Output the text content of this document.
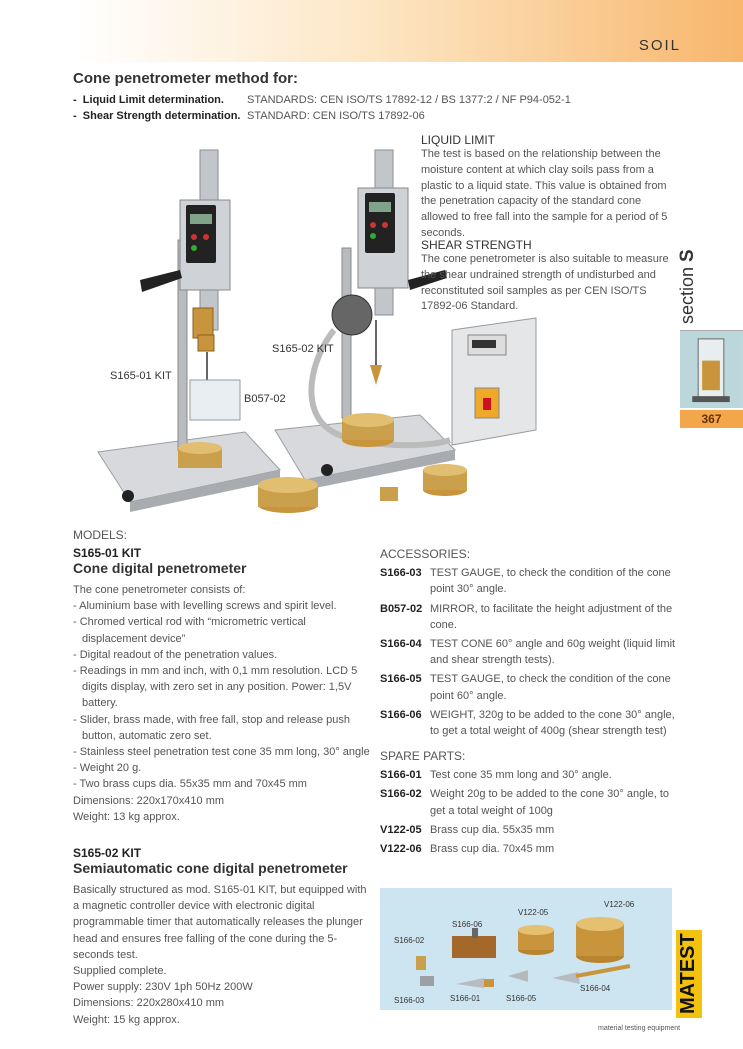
SOIL
Cone penetrometer method for:
- Liquid Limit determination. STANDARDS: CEN ISO/TS 17892-12 / BS 1377:2 / NF P94-052-1
- Shear Strength determination. STANDARD: CEN ISO/TS 17892-06
S165-01 KIT
S165-02 KIT
B057-02
LIQUID LIMIT
The test is based on the relationship between the moisture content at which clay soils pass from a plastic to a liquid state. This value is obtained from the penetration capacity of the standard cone allowed to free fall into the sample for a period of 5 seconds.
SHEAR STRENGTH
The cone penetrometer is also suitable to measure the shear undrained strength of undisturbed and reconstituted soil samples as per CEN ISO/TS 17892-06 Standard.	section S
367
MODELS:
S165-01 KIT
Cone digital penetrometer
The cone penetrometer consists of:
- Aluminium base with levelling screws and spirit level.
- Chromed vertical rod with “micrometric vertical displacement device”
- Digital readout of the penetration values.
- Readings in mm and inch, with 0,1 mm resolution. LCD 5 digits display, with zero set in any position. Power: 1,5V battery.
- Slider, brass made, with free fall, stop and release push button, automatic zero set.
- Stainless steel penetration test cone 35 mm long, 30° angle
- Weight 20 g.
- Two brass cups dia. 55x35 mm and 70x45 mm
Dimensions: 220x170x410 mm
Weight: 13 kg approx.
S165-02 KIT
Semiautomatic cone digital penetrometer
Basically structured as mod. S165-01 KIT, but equipped with a magnetic controller device with electronic digital programmable timer that automatically releases the plunger head and ensures free falling of the cone during the 5-seconds test.
Supplied complete.
Power supply: 230V 1ph 50Hz 200W
Dimensions: 220x280x410 mm
Weight: 15 kg approx.
ACCESSORIES:
S166-03 TEST GAUGE, to check the condition of the cone point 30° angle.
B057-02 MIRROR, to facilitate the height adjustment of the cone.
S166-04 TEST CONE 60° angle and 60g weight (liquid limit and shear strength tests).
S166-05 TEST GAUGE, to check the condition of the cone point 60° angle.
S166-06 WEIGHT, 320g to be added to the cone 30° angle, to get a total weight of 400g (shear strength test)
SPARE PARTS:
S166-01 Test cone 35 mm long and 30° angle.
S166-02 Weight 20g to be added to the cone 30° angle, to get a total weight of 100g
V122-05 Brass cup dia. 55x35 mm
V122-06 Brass cup dia. 70x45 mm
V122-06
V122-05
S166-06
S166-02
S166-03	S166-01	S166-05
S166-04	MATEST
material testing equipment
